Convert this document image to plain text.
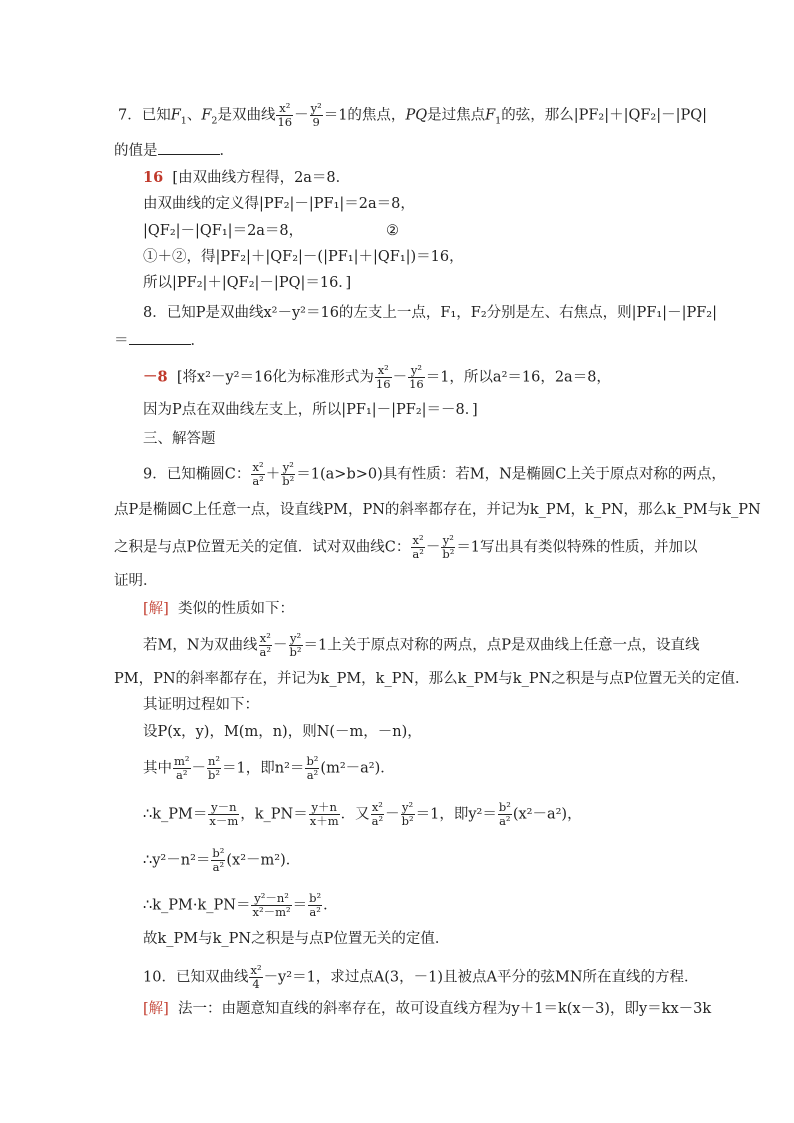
7．已知$F_1$、$F_2$是双曲线 $\frac{\text{x²}}{16} - \frac{\text{y²}}{9} =1$的焦点，PQ是过焦点$F_1$的弦，那么|PF₂|＋|QF₂|－|PQ|
的值是	．
16 [由双曲线方程得，2a＝8．
由双曲线的定义得|PF₂|－|PF₁|＝2a＝8，
|QF₂|－|QF₁|＝2a＝8，	②
①＋②，得|PF₂|＋|QF₂|－(|PF₁|＋|QF₁|)＝16，
所以|PF₂|＋|QF₂|－|PQ|＝16．]
8．已知P是双曲线x²－y²＝16的左支上一点，F₁，F₂分别是左、右焦点，则|PF₁|－|PF₂|
＝	．
－8 [将x²－y²＝16化为标准形式为 $\frac{\text{x²}}{16} - \frac{\text{y²}}{16} =1$，所以a²＝16，2a＝8，
因为P点在双曲线左支上，所以|PF₁|－|PF₂|＝－8．]
三、解答题
9．已知椭圆C： $\frac{\text{x²}}{\text{a²}} + \frac{\text{y²}}{\text{b²}} =1(a>b>0)$具有性质：若M，N是椭圆C上关于原点对称的两点，
点P是椭圆C上任意一点，设直线PM，PN的斜率都存在，并记为k_PM，k_PN，那么k_PM与k_PN
之积是与点P位置无关的定值．试对双曲线C： $\frac{\text{x²}}{\text{a²}} - \frac{\text{y²}}{\text{b²}} =1$写出具有类似特殊的性质，并加以
证明．
[解] 类似的性质如下：
若M，N为双曲线 $\frac{\text{x²}}{\text{a²}} - \frac{\text{y²}}{\text{b²}} =1$上关于原点对称的两点，点P是双曲线上任意一点，设直线
PM，PN的斜率都存在，并记为k_PM，k_PN，那么k_PM与k_PN之积是与点P位置无关的定值．
其证明过程如下：
设P(x，y)，M(m，n)，则N(－m，－n)，
其中 $\frac{\text{m²}}{\text{a²}} - \frac{\text{n²}}{\text{b²}} =1$，即$n^2= \frac{\text{b²}}{\text{a²}} (m^2-a^2)$．
∴k_PM＝ $\frac{y-n}{x-m}$ ，k_PN＝ $\frac{y+n}{x+m}$ ．又 $\frac{\text{x²}}{\text{a²}} - \frac{\text{y²}}{\text{b²}} =1$，即$y^2= \frac{\text{b²}}{\text{a²}} (x^2-a^2)$，
∴y²－n²＝ $\frac{\text{b²}}{\text{a²}} (x^2-m^2)$．
∴k_PM·k_PN＝ $\frac{\text{y²－n²}}{\text{x²－m²}} = \frac{\text{b²}}{\text{a²}}$ ．
故k_PM与k_PN之积是与点P位置无关的定值．
10．已知双曲线 $\frac{\text{x²}}{4} -y^2=1$，求过点A(3，－1)且被点A平分的弦MN所在直线的方程．
[解] 法一：由题意知直线的斜率存在，故可设直线方程为y＋1＝k(x－3)，即y＝kx－3k
